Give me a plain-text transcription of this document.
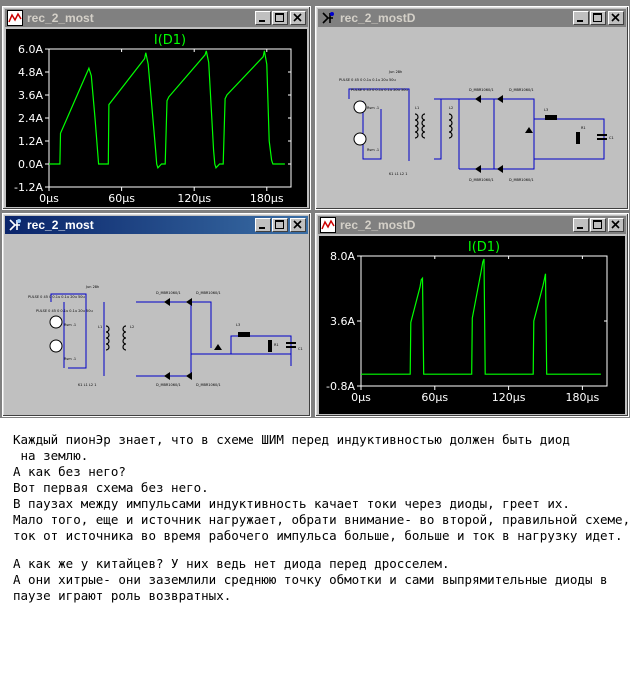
rec_2_most
I(D1)
6.0A
4.8A
3.6A
2.4A
1.2A
0.0A
-1.2A
0µs	60µs	120µs	180µs
rec_2_mostD
Jun 28h
PULSE 0 45 0 0.1u 0.1u 20u 50u
PULSE 0 45 0 0.1u 0.1u 20u 50u
Rsm .1
Rsm .1
L1	L2
K1 L1 L2 1
D_MBR1060/1	D_MBR1060/1
D_MBR1060/1	D_MBR1060/1
L3
R1
C1
rec_2_most
Jun 28h
PULSE 0 45 0 0.1u 0.1u 20u 50u
PULSE 0 45 0 0.1u 0.1u 20u 50u
Rsm .1
Rsm .1
L1	L2
K1 L1 L2 1
D_MBR1060/1	D_MBR1060/1
D_MBR1060/1	D_MBR1060/1
L3
R1
C1
rec_2_mostD
I(D1)
8.0A
3.6A
-0.8A
0µs	60µs	120µs	180µs
Каждый пионЭр знает, что в схеме ШИМ перед индуктивностью должен быть диод
на землю.
А как без него?
Вот первая схема без него.
В паузах между импульсами индуктивность качает токи через диоды, греет их.
Мало того, еще и источник нагружает, обрати внимание- во второй, правильной схеме,
ток от источника во время рабочего импульса больше, больше и ток в нагрузку идет.
А как же у китайцев? У них ведь нет диода перед дросселем.
А они хитрые- они заземлили среднюю точку обмотки и сами выпрямительные диоды в
паузе играют роль возвратных.
